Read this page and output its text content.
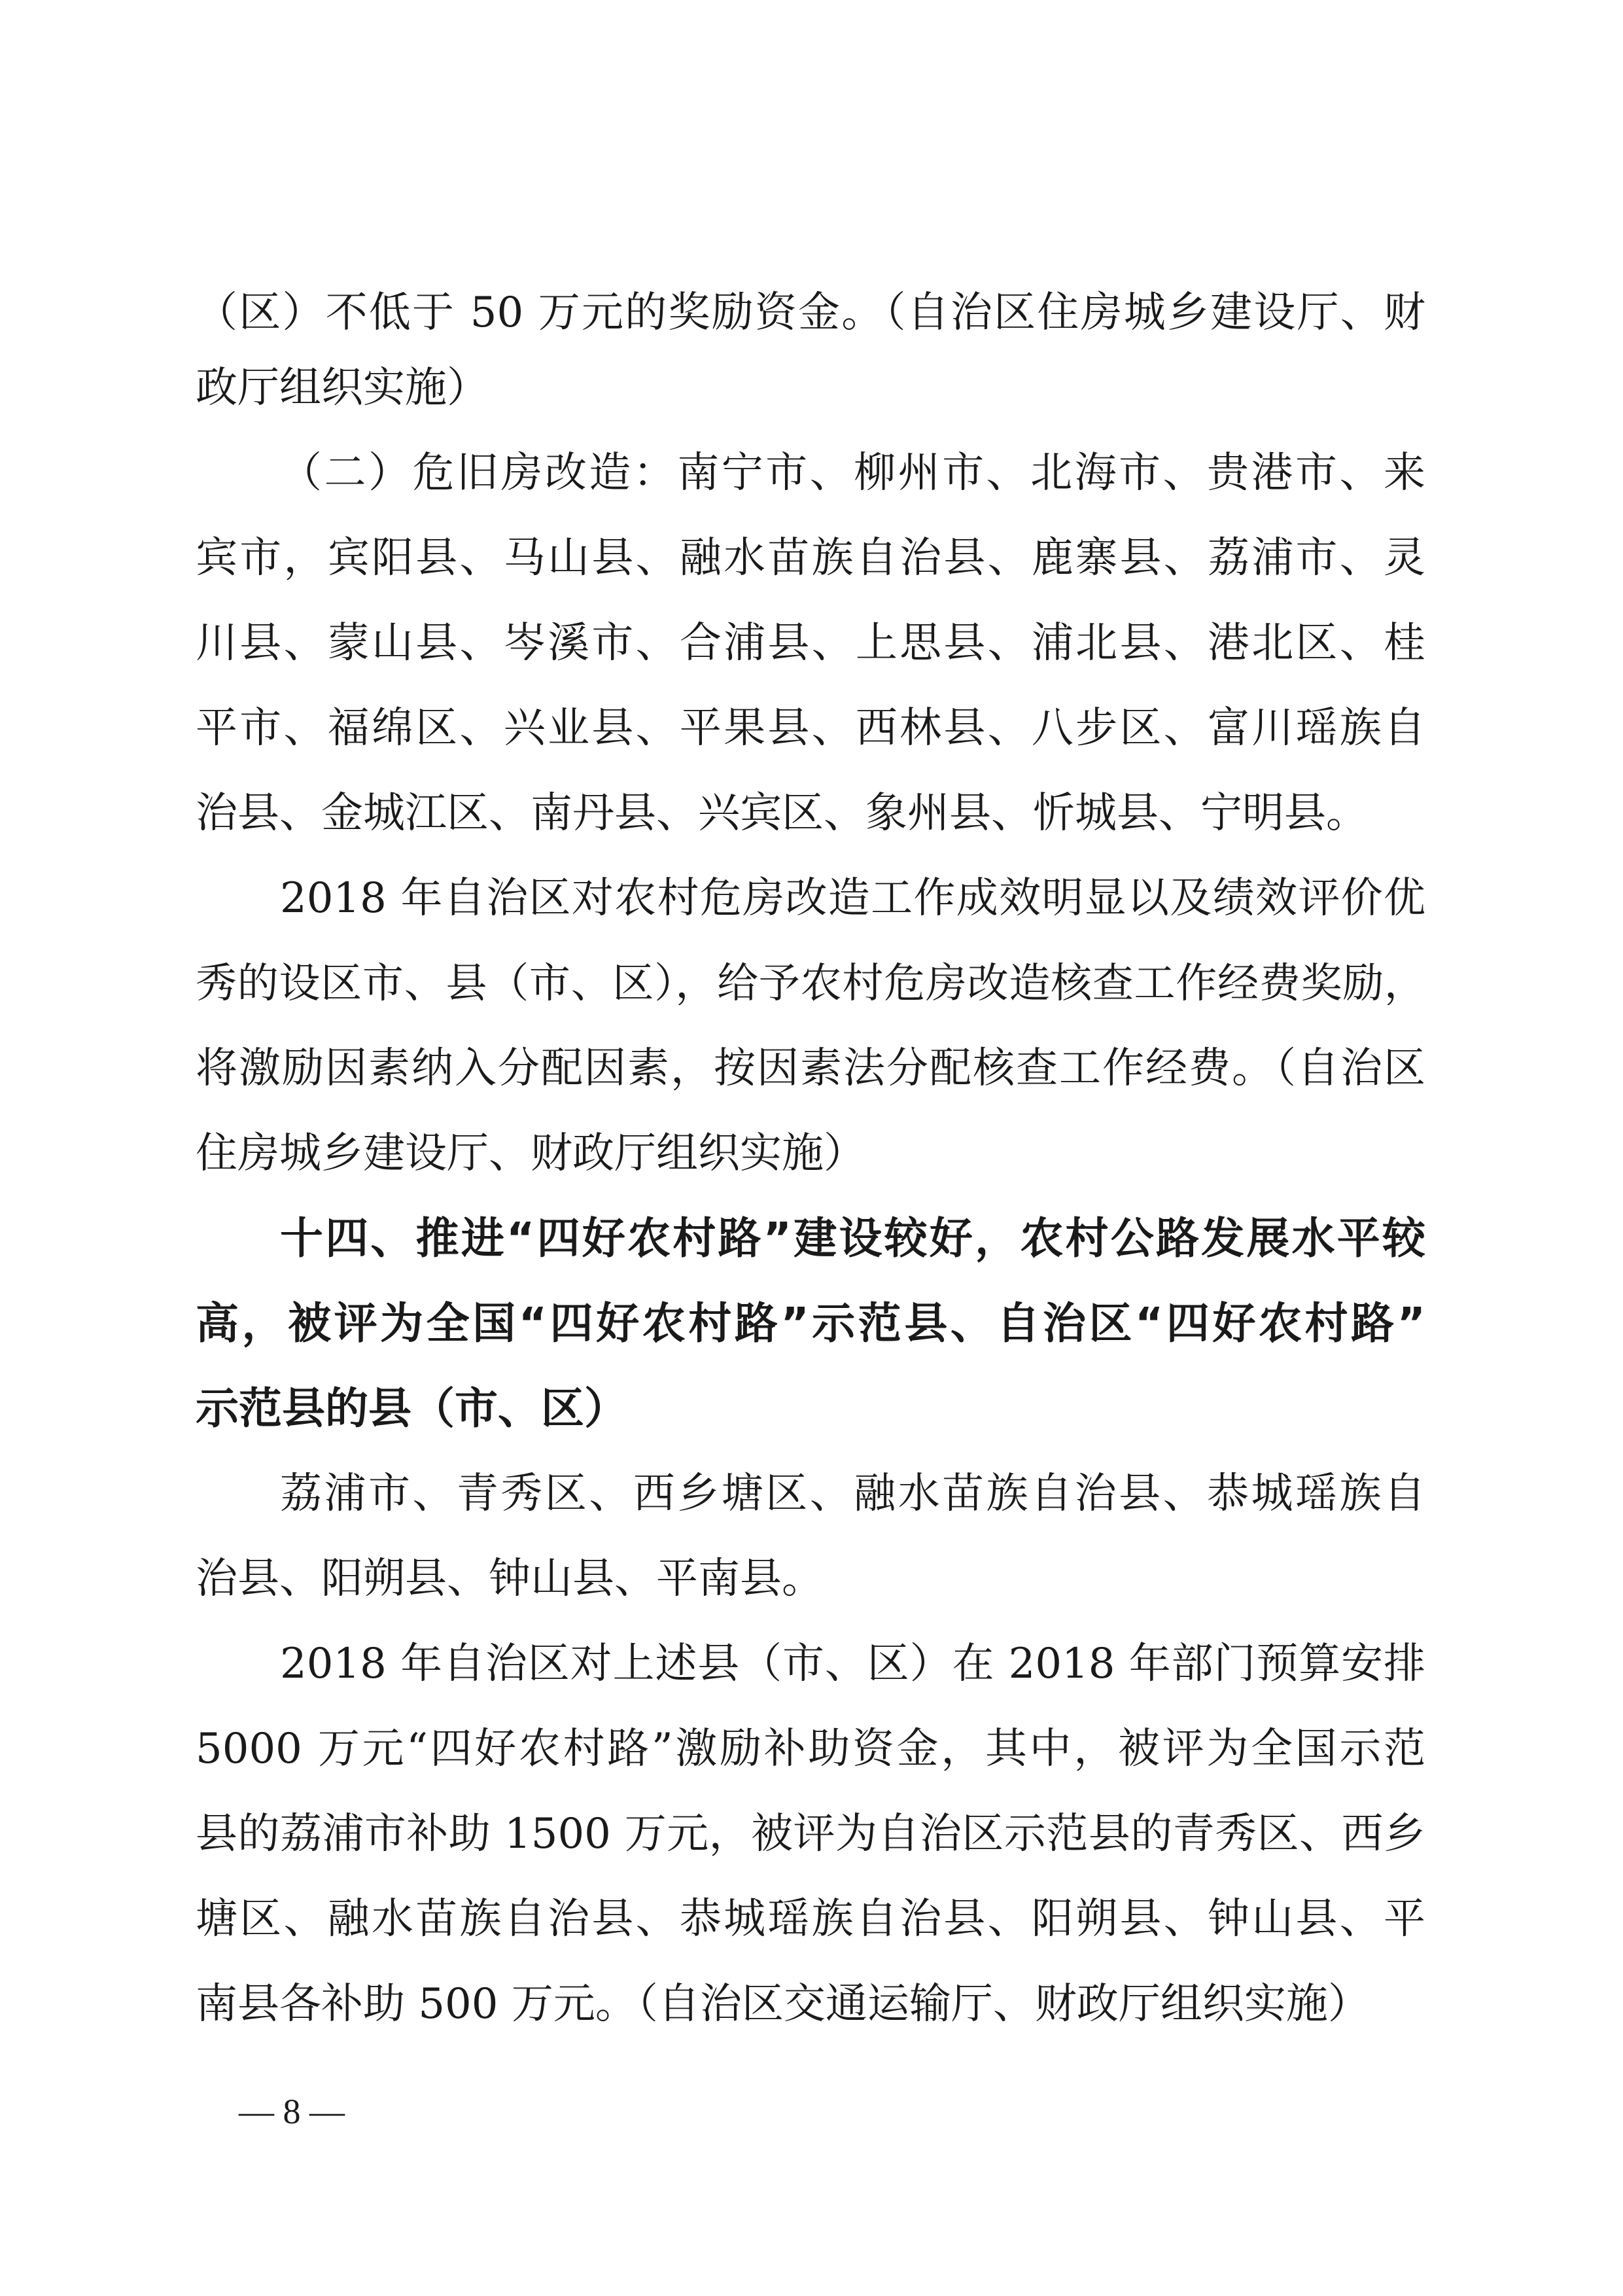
（区）不低于 50 万元的奖励资金。（自治区住房城乡建设厅、财
政厅组织实施）
（二）危旧房改造：南宁市、柳州市、北海市、贵港市、来
宾市，宾阳县、马山县、融水苗族自治县、鹿寨县、荔浦市、灵
川县、蒙山县、岑溪市、合浦县、上思县、浦北县、港北区、桂
平市、福绵区、兴业县、平果县、西林县、八步区、富川瑶族自
治县、金城江区、南丹县、兴宾区、象州县、忻城县、宁明县。
2018 年自治区对农村危房改造工作成效明显以及绩效评价优
秀的设区市、县（市、区），给予农村危房改造核查工作经费奖励，
将激励因素纳入分配因素，按因素法分配核查工作经费。（自治区
住房城乡建设厅、财政厅组织实施）
十四、推进“四好农村路”建设较好，农村公路发展水平较
高，被评为全国“四好农村路”示范县、自治区“四好农村路”
示范县的县（市、区）
荔浦市、青秀区、西乡塘区、融水苗族自治县、恭城瑶族自
治县、阳朔县、钟山县、平南县。
2018 年自治区对上述县（市、区）在 2018 年部门预算安排
5000 万元“四好农村路”激励补助资金，其中，被评为全国示范
县的荔浦市补助 1500 万元，被评为自治区示范县的青秀区、西乡
塘区、融水苗族自治县、恭城瑶族自治县、阳朔县、钟山县、平
南县各补助 500 万元。（自治区交通运输厅、财政厅组织实施）
— 8 —
